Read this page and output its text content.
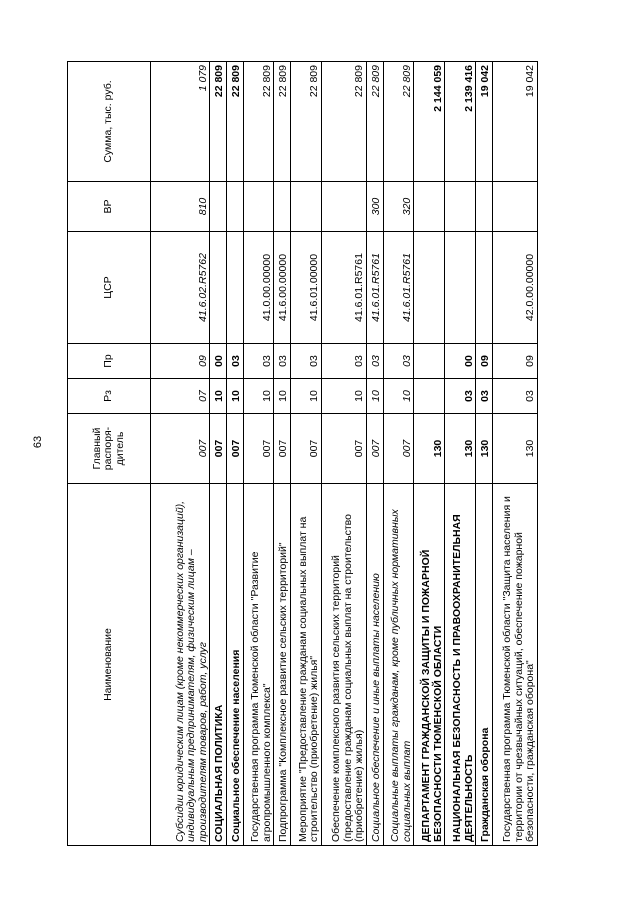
63
Наименование	Главный распоря-дитель	Рз	Пр	ЦСР	ВР	Сумма, тыс. руб.
Субсидии юридическим лицам (кроме некоммерческих организаций), индивидуальным предпринимателям, физическим лицам – производителям товаров, работ, услуг	007	07	09	41.6.02.R5762	810	1 079
СОЦИАЛЬНАЯ ПОЛИТИКА	007	10	00			22 809
Социальное обеспечение населения	007	10	03			22 809
Государственная программа Тюменской области "Развитие агропромышленного комплекса"	007	10	03	41.0.00.00000		22 809
Подпрограмма "Комплексное развитие сельских территорий"	007	10	03	41.6.00.00000		22 809
Мероприятие "Предоставление гражданам социальных выплат на строительство (приобретение) жилья"	007	10	03	41.6.01.00000		22 809
Обеспечение комплексного развития сельских территорий (предоставление гражданам социальных выплат на строительство (приобретение) жилья)	007	10	03	41.6.01.R5761		22 809
Социальное обеспечение и иные выплаты населению	007	10	03	41.6.01.R5761	300	22 809
Социальные выплаты гражданам, кроме публичных нормативных социальных выплат	007	10	03	41.6.01.R5761	320	22 809
ДЕПАРТАМЕНТ ГРАЖДАНСКОЙ ЗАЩИТЫ И ПОЖАРНОЙ БЕЗОПАСНОСТИ ТЮМЕНСКОЙ ОБЛАСТИ	130					2 144 059
НАЦИОНАЛЬНАЯ БЕЗОПАСНОСТЬ И ПРАВООХРАНИТЕЛЬНАЯ ДЕЯТЕЛЬНОСТЬ	130	03	00			2 139 416
Гражданская оборона	130	03	09			19 042
Государственная программа Тюменской области "Защита населения и территории от чрезвычайных ситуаций, обеспечение пожарной безопасности, гражданская оборона"	130	03	09	42.0.00.00000		19 042
